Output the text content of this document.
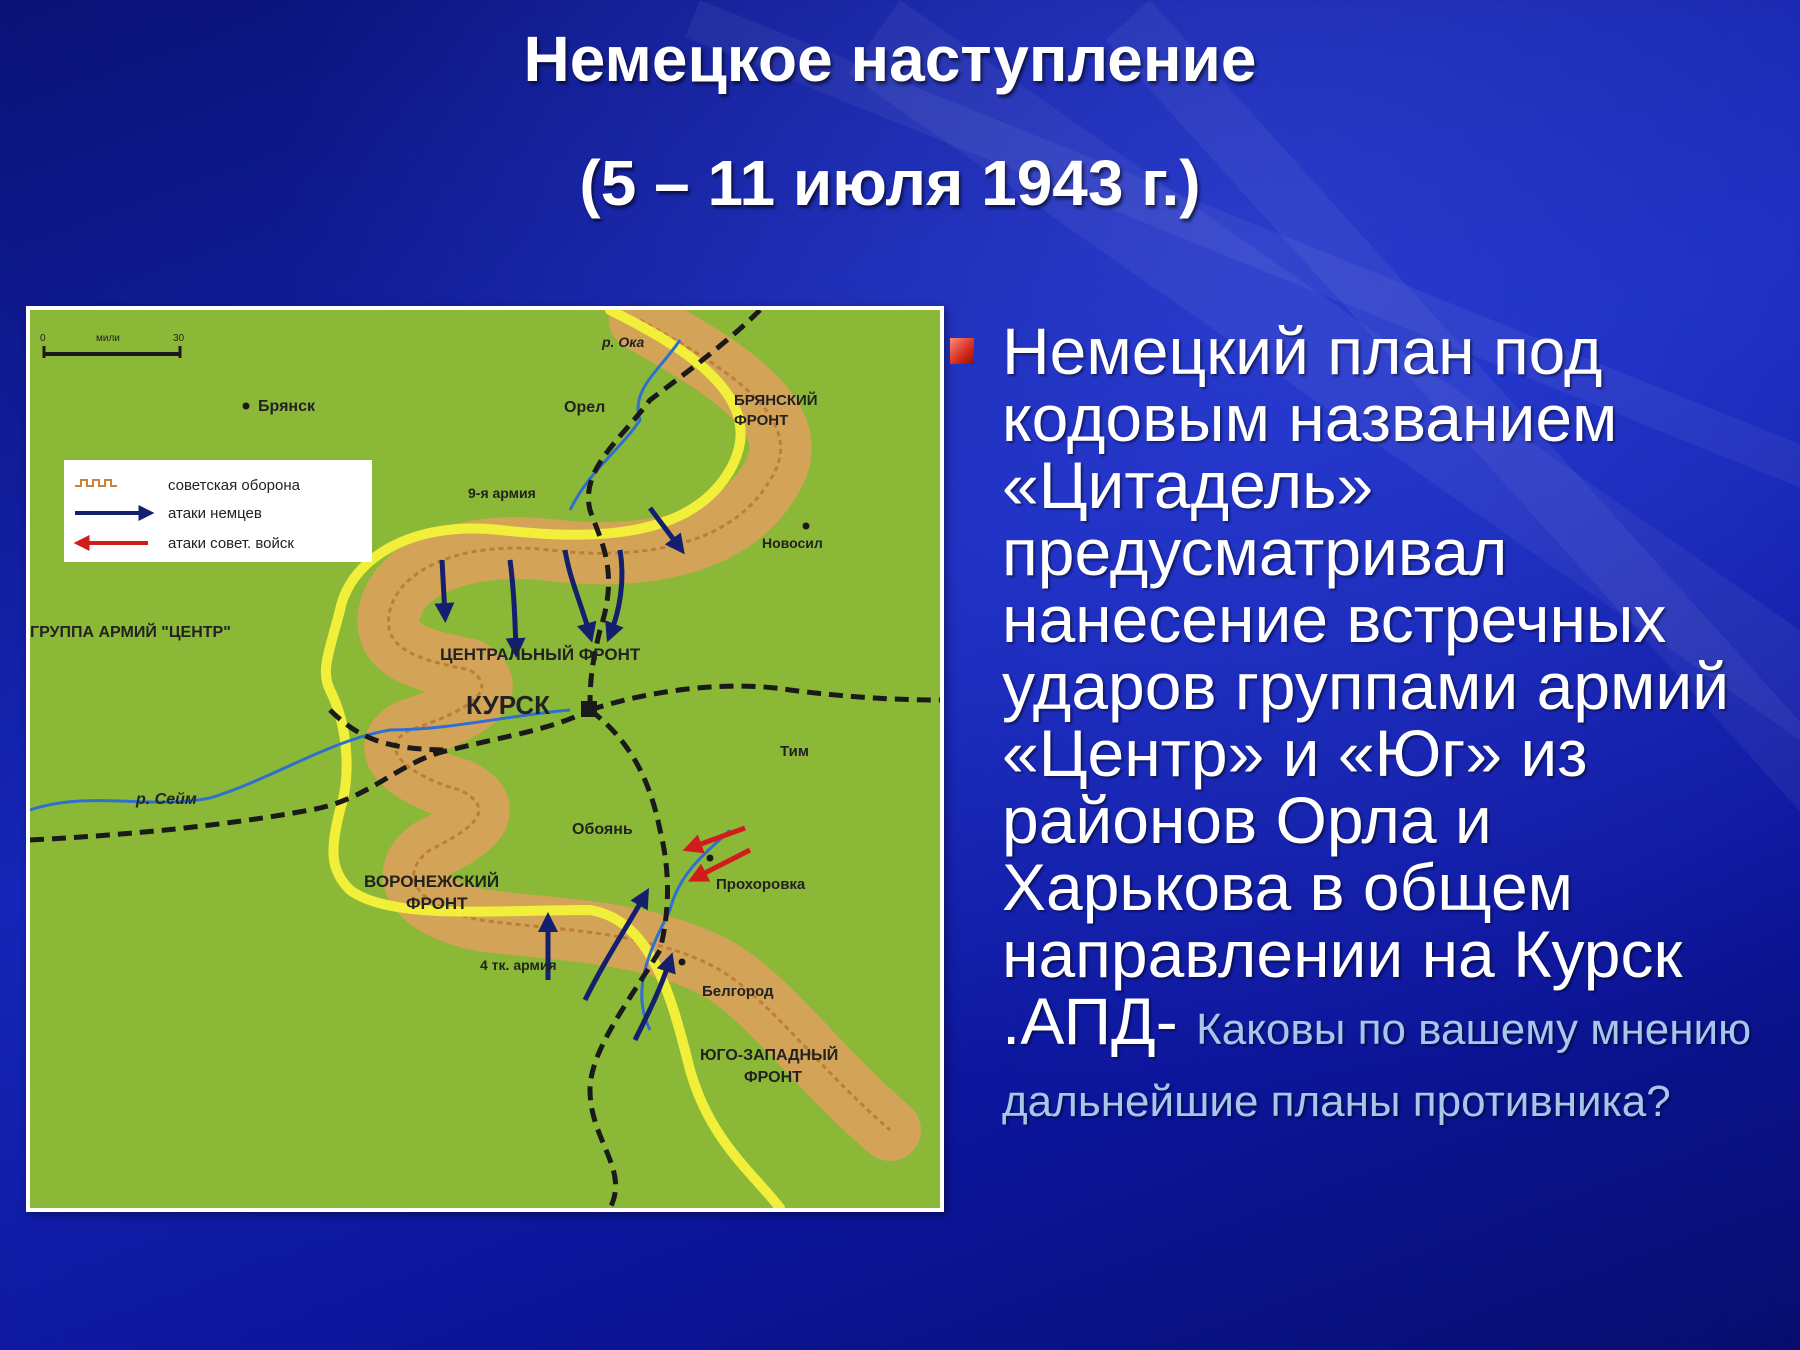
Немецкое наступление
(5 – 11 июля 1943 г.)
советская оборона
атаки немцев
атаки совет. войск
0	мили	30
Брянск
р. Ока
Орел	БРЯНСКИЙ
ФРОНТ
9-я армия
Новосил
ГРУППА АРМИЙ "ЦЕНТР"
ЦЕНТРАЛЬНЫЙ ФРОНТ
КУРСК
Тим
р. Сейм
Обоянь
ВОРОНЕЖСКИЙ
ФРОНТ
Прохоровка
4 тк. армия
Белгород
ЮГО-ЗАПАДНЫЙ
ФРОНТ
Немецкий план под кодовым названием «Цитадель» предусматривал нанесение встречных ударов группами армий «Центр» и «Юг» из районов Орла и Харькова в общем направлении на Курск .АПД- Каковы по вашему мнению дальнейшие планы противника?
